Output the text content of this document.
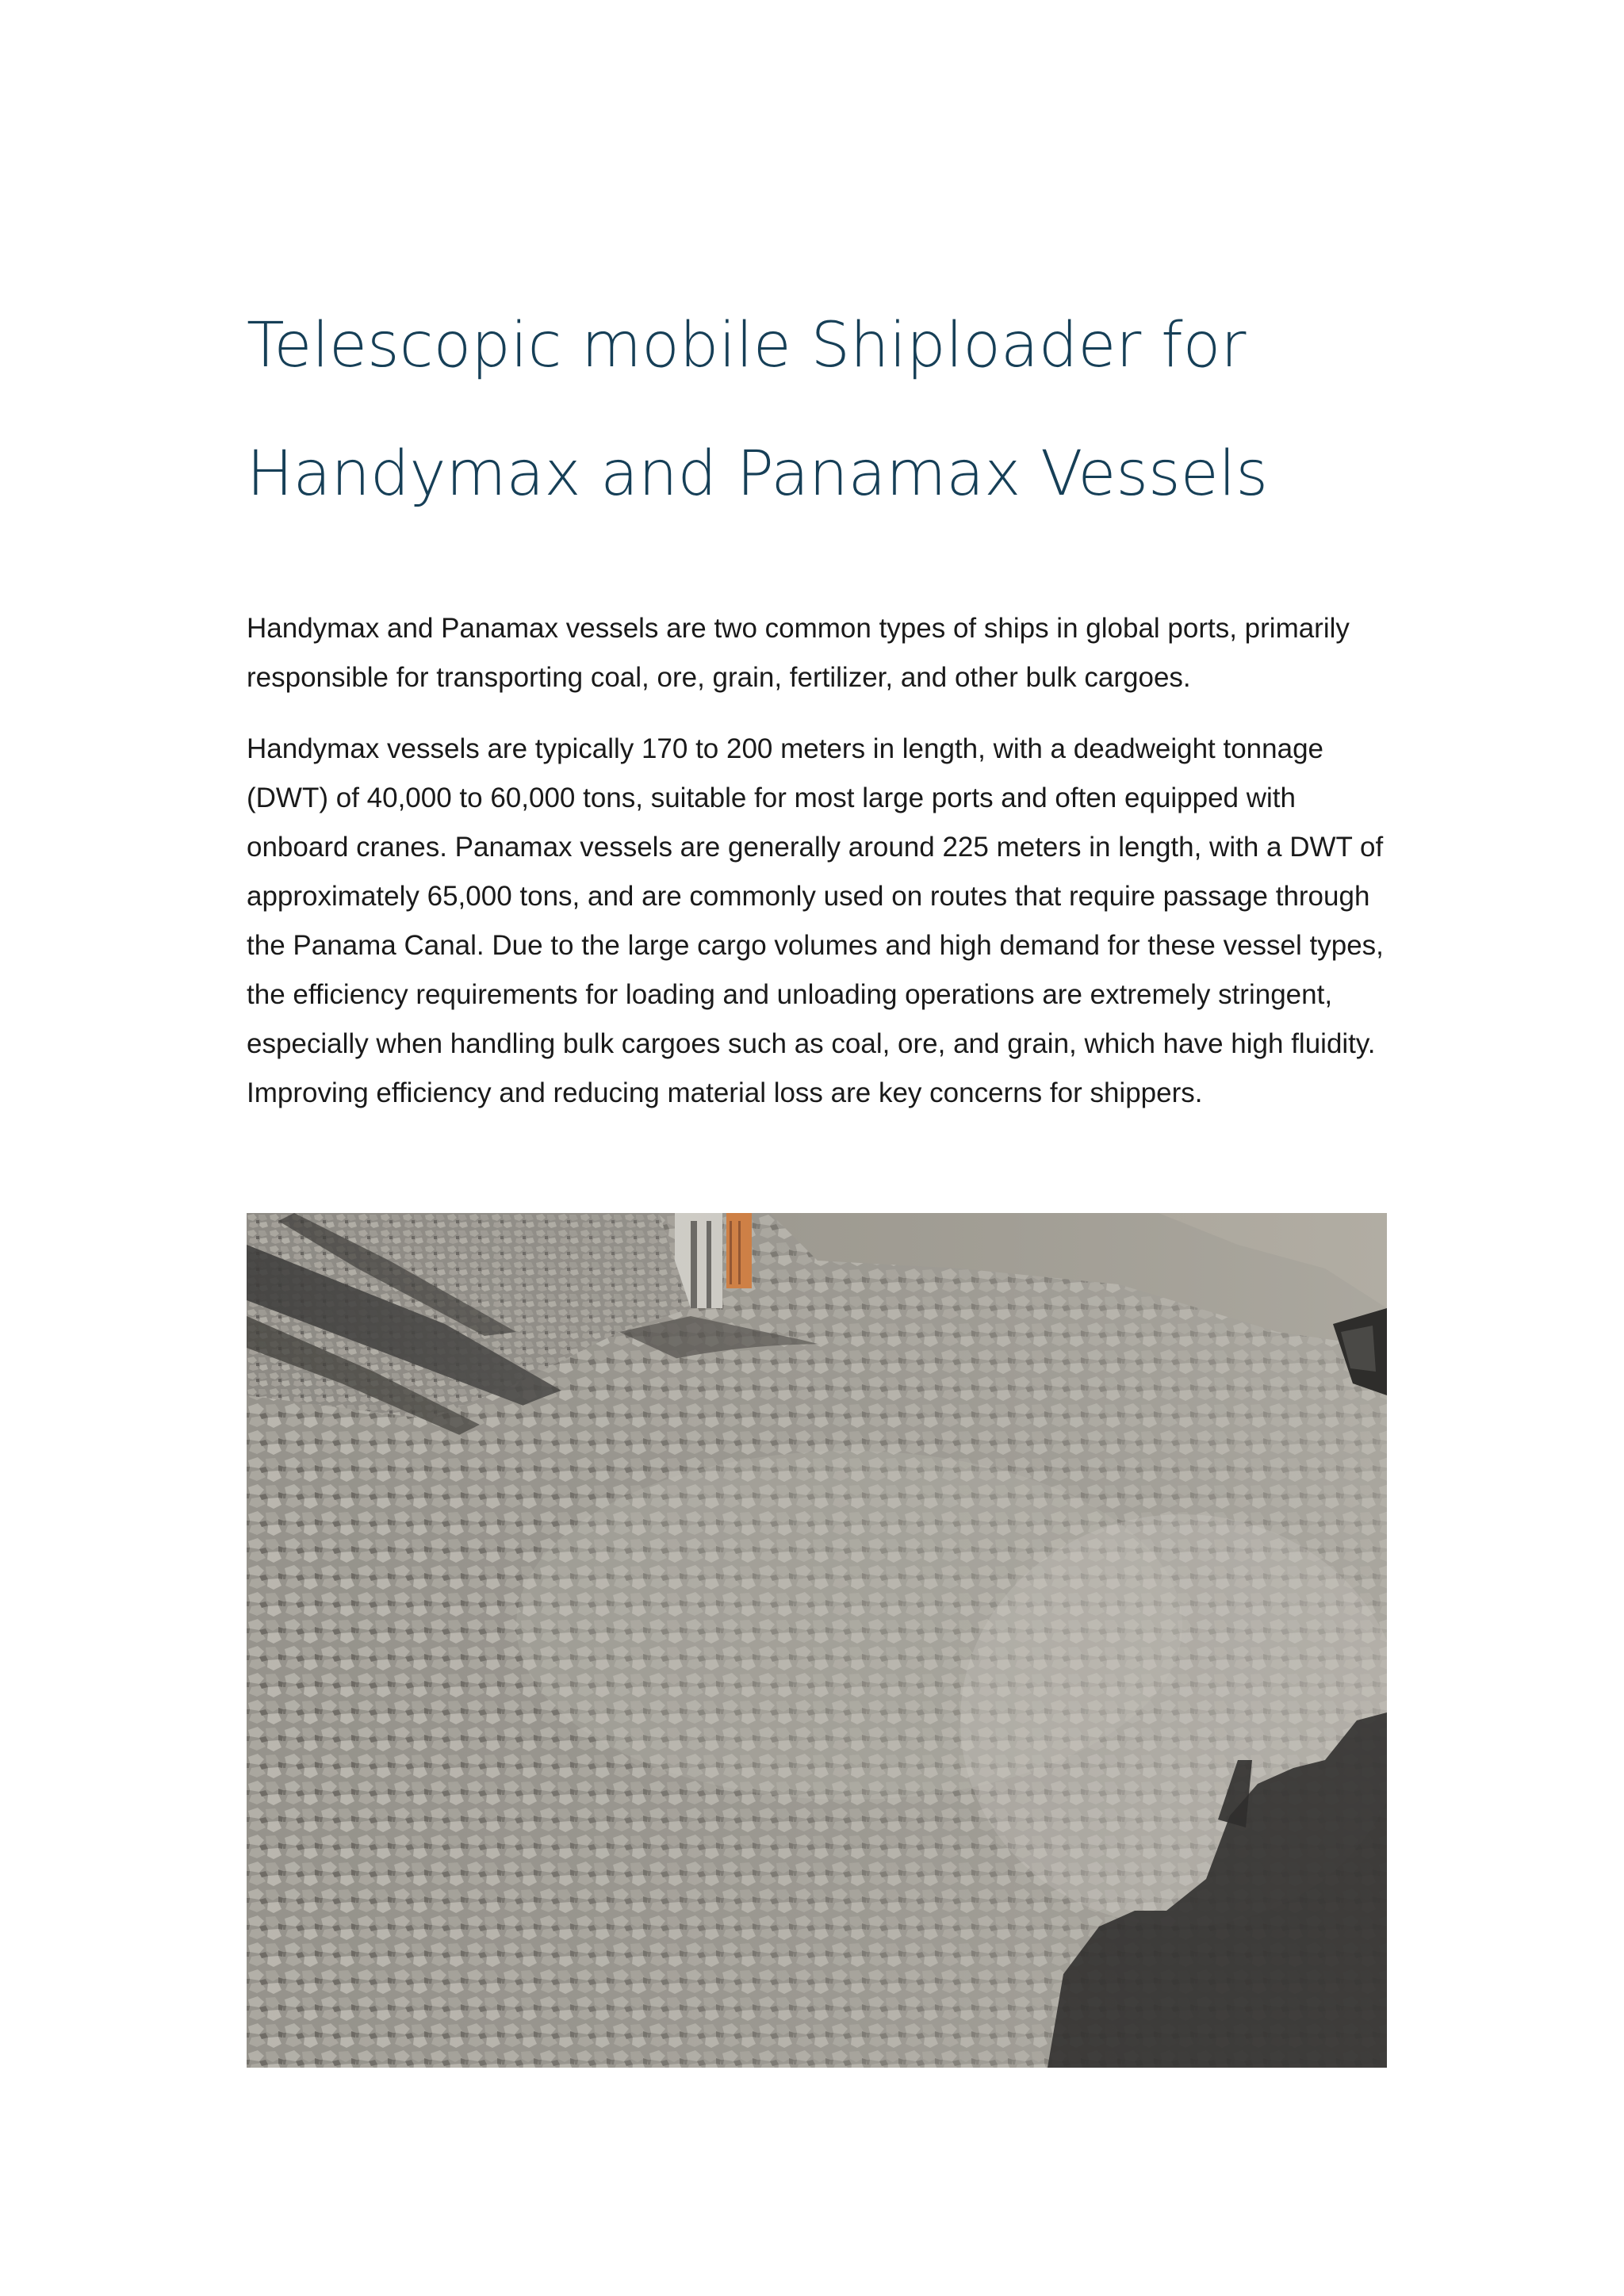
Telescopic mobile Shiploader for
Handymax and Panamax Vessels

Handymax and Panamax vessels are two common types of ships in global ports, primarily responsible for transporting coal, ore, grain, fertilizer, and other bulk cargoes.

Handymax vessels are typically 170 to 200 meters in length, with a deadweight tonnage (DWT) of 40,000 to 60,000 tons, suitable for most large ports and often equipped with onboard cranes. Panamax vessels are generally around 225 meters in length, with a DWT of approximately 65,000 tons, and are commonly used on routes that require passage through the Panama Canal. Due to the large cargo volumes and high demand for these vessel types, the efficiency requirements for loading and unloading operations are extremely stringent, especially when handling bulk cargoes such as coal, ore, and grain, which have high fluidity. Improving efficiency and reducing material loss are key concerns for shippers.
